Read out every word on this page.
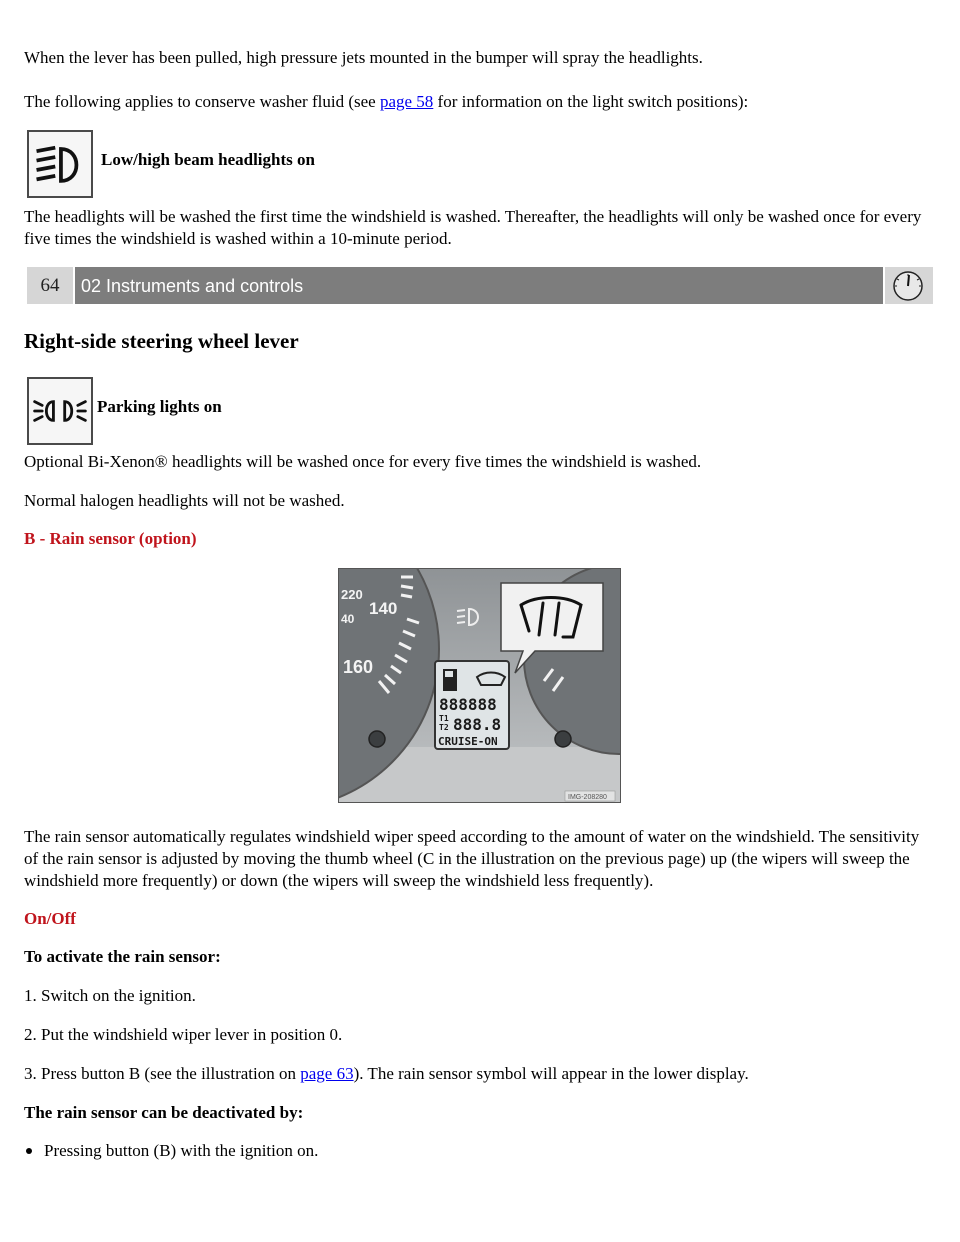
When the lever has been pulled, high pressure jets mounted in the bumper will spray the headlights.
The following applies to conserve washer fluid (see page 58 for information on the light switch positions):
Low/high beam headlights on
The headlights will be washed the first time the windshield is washed. Thereafter, the headlights will only be washed once for every five times the windshield is washed within a 10-minute period.
64	02 Instruments and controls
Right-side steering wheel lever
Parking lights on
Optional Bi-Xenon® headlights will be washed once for every five times the windshield is washed.
Normal halogen headlights will not be washed.
B - Rain sensor (option)
220
140
40
160
888888
T1
T2 888.8
CRUISE-ON
IMG-208280
The rain sensor automatically regulates windshield wiper speed according to the amount of water on the windshield. The sensitivity of the rain sensor is adjusted by moving the thumb wheel (C in the illustration on the previous page) up (the wipers will sweep the windshield more frequently) or down (the wipers will sweep the windshield less frequently).
On/Off
To activate the rain sensor:
1. Switch on the ignition.
2. Put the windshield wiper lever in position 0.
3. Press button B (see the illustration on page 63). The rain sensor symbol will appear in the lower display.
The rain sensor can be deactivated by:
Pressing button (B) with the ignition on.
